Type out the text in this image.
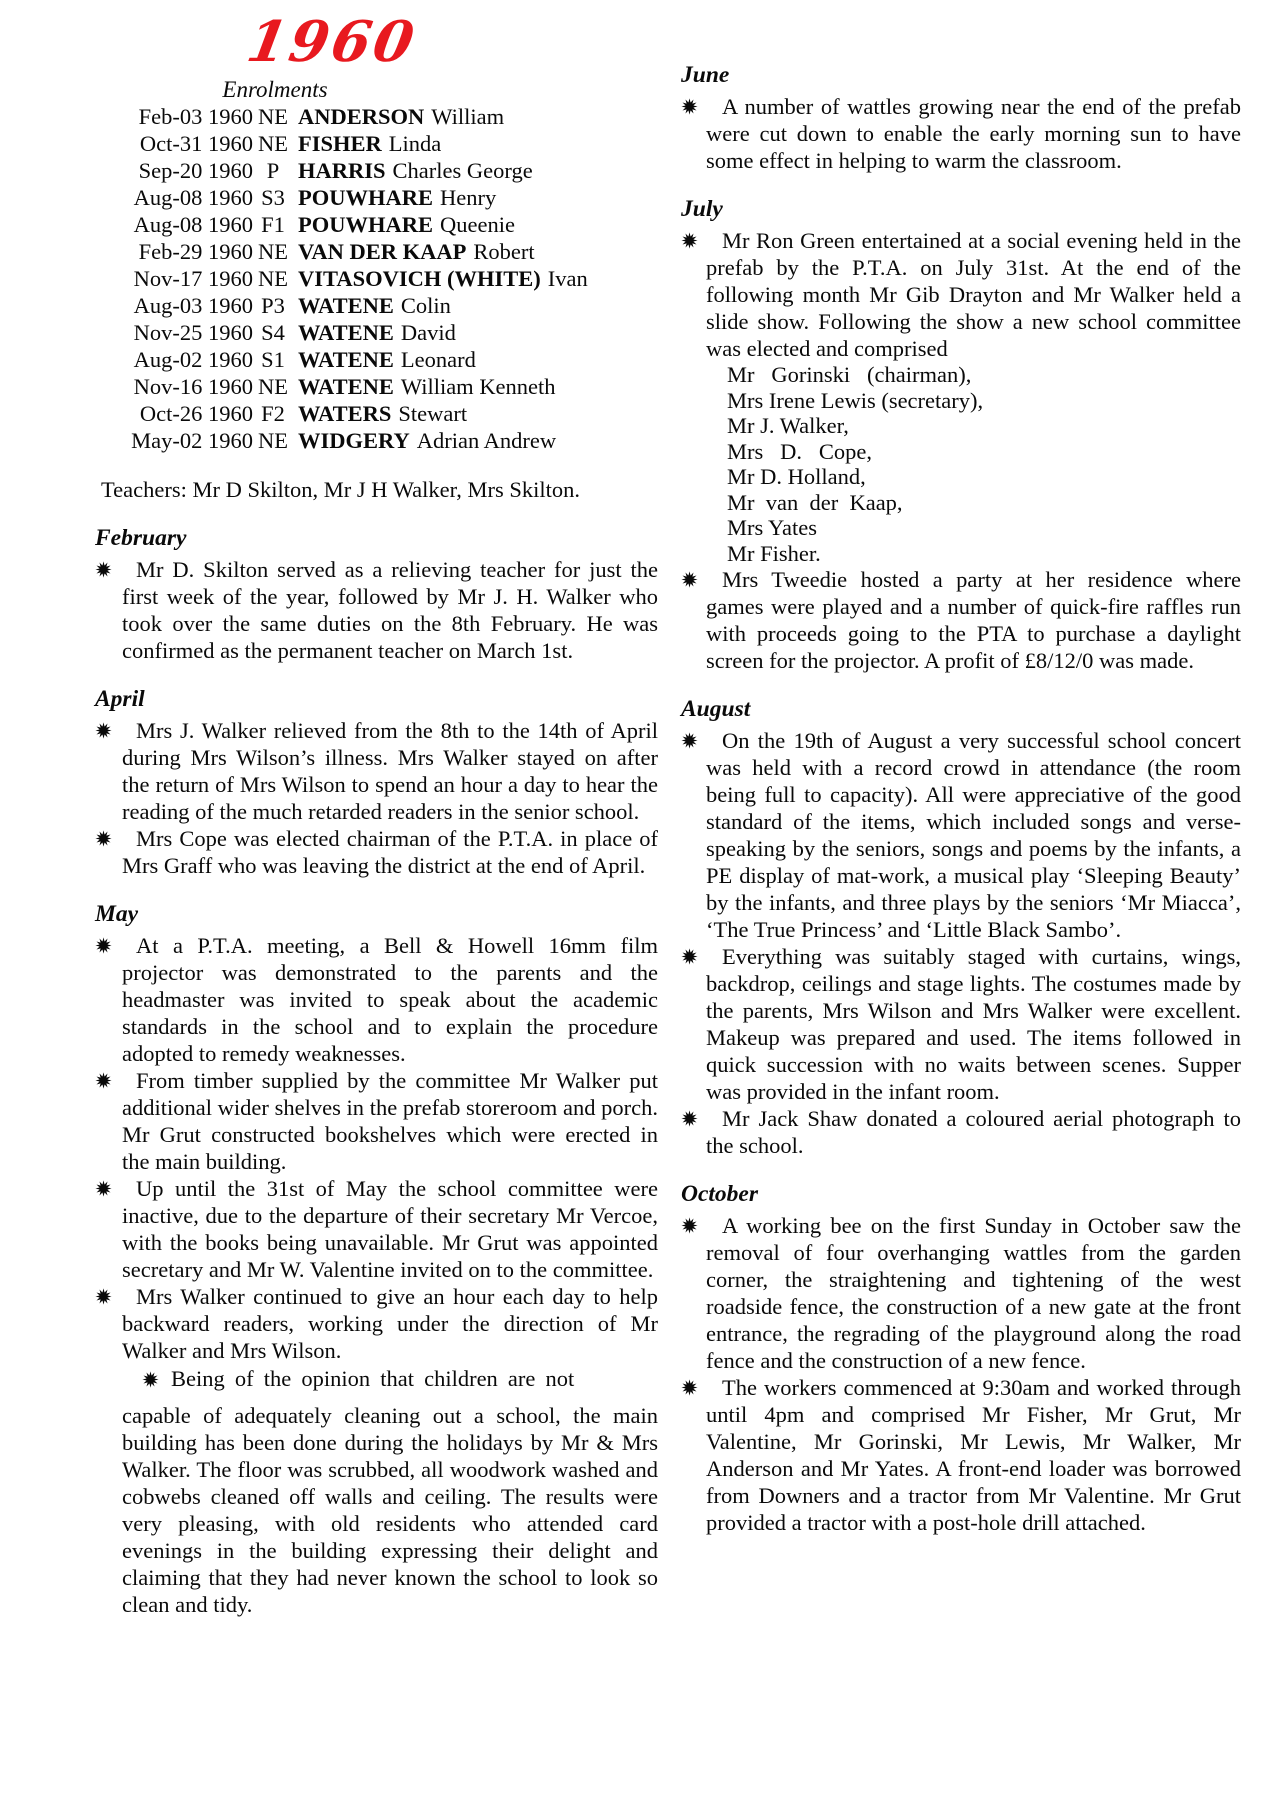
1960
Enrolments
Feb-03 1960 NE ANDERSON William
Oct-31 1960 NE FISHER Linda
Sep-20 1960 P HARRIS Charles George
Aug-08 1960 S3 POUWHARE Henry
Aug-08 1960 F1 POUWHARE Queenie
Feb-29 1960 NE VAN DER KAAP Robert
Nov-17 1960 NE VITASOVICH (WHITE) Ivan
Aug-03 1960 P3 WATENE Colin
Nov-25 1960 S4 WATENE David
Aug-02 1960 S1 WATENE Leonard
Nov-16 1960 NE WATENE William Kenneth
Oct-26 1960 F2 WATERS Stewart
May-02 1960 NE WIDGERY Adrian Andrew
Teachers: Mr D Skilton, Mr J H Walker, Mrs Skilton.
February
Mr D. Skilton served as a relieving teacher for just the first week of the year, followed by Mr J. H. Walker who took over the same duties on the 8th February. He was confirmed as the permanent teacher on March 1st.
April
Mrs J. Walker relieved from the 8th to the 14th of April during Mrs Wilson’s illness. Mrs Walker stayed on after the return of Mrs Wilson to spend an hour a day to hear the reading of the much retarded readers in the senior school.
Mrs Cope was elected chairman of the P.T.A. in place of Mrs Graff who was leaving the district at the end of April.
May
At a P.T.A. meeting, a Bell & Howell 16mm film projector was demonstrated to the parents and the headmaster was invited to speak about the academic standards in the school and to explain the procedure adopted to remedy weaknesses.
From timber supplied by the committee Mr Walker put additional wider shelves in the prefab storeroom and porch. Mr Grut constructed bookshelves which were erected in the main building.
Up until the 31st of May the school committee were inactive, due to the departure of their secretary Mr Vercoe, with the books being unavailable. Mr Grut was appointed secretary and Mr W. Valentine invited on to the committee.
Mrs Walker continued to give an hour each day to help backward readers, working under the direction of Mr Walker and Mrs Wilson.
Being of the opinion that children are not
capable of adequately cleaning out a school, the main building has been done during the holidays by Mr & Mrs Walker. The floor was scrubbed, all woodwork washed and cobwebs cleaned off walls and ceiling. The results were very pleasing, with old residents who attended card evenings in the building expressing their delight and claiming that they had never known the school to look so clean and tidy.
June
A number of wattles growing near the end of the prefab were cut down to enable the early morning sun to have some effect in helping to warm the classroom.
July
Mr Ron Green entertained at a social evening held in the prefab by the P.T.A. on July 31st. At the end of the following month Mr Gib Drayton and Mr Walker held a slide show. Following the show a new school committee was elected and comprised
Mr   Gorinski   (chairman),
Mrs Irene Lewis (secretary),
Mr J. Walker,
Mrs   D.   Cope,
Mr D. Holland,
Mr  van  der  Kaap,
Mrs Yates
Mr Fisher.
Mrs Tweedie hosted a party at her residence where games were played and a number of quick-fire raffles run with proceeds going to the PTA to purchase a daylight screen for the projector. A profit of £8/12/0 was made.
August
On the 19th of August a very successful school concert was held with a record crowd in attendance (the room being full to capacity). All were appreciative of the good standard of the items, which included songs and verse-speaking by the seniors, songs and poems by the infants, a PE display of mat-work, a musical play ‘Sleeping Beauty’ by the infants, and three plays by the seniors ‘Mr Miacca’, ‘The True Princess’ and ‘Little Black Sambo’.
Everything was suitably staged with curtains, wings, backdrop, ceilings and stage lights. The costumes made by the parents, Mrs Wilson and Mrs Walker were excellent. Makeup was prepared and used. The items followed in quick succession with no waits between scenes. Supper was provided in the infant room.
Mr Jack Shaw donated a coloured aerial photograph to the school.
October
A working bee on the first Sunday in October saw the removal of four overhanging wattles from the garden corner, the straightening and tightening of the west roadside fence, the construction of a new gate at the front entrance, the regrading of the playground along the road fence and the construction of a new fence.
The workers commenced at 9:30am and worked through until 4pm and comprised Mr Fisher, Mr Grut, Mr Valentine, Mr Gorinski, Mr Lewis, Mr Walker, Mr Anderson and Mr Yates. A front-end loader was borrowed from Downers and a tractor from Mr Valentine. Mr Grut provided a tractor with a post-hole drill attached.
